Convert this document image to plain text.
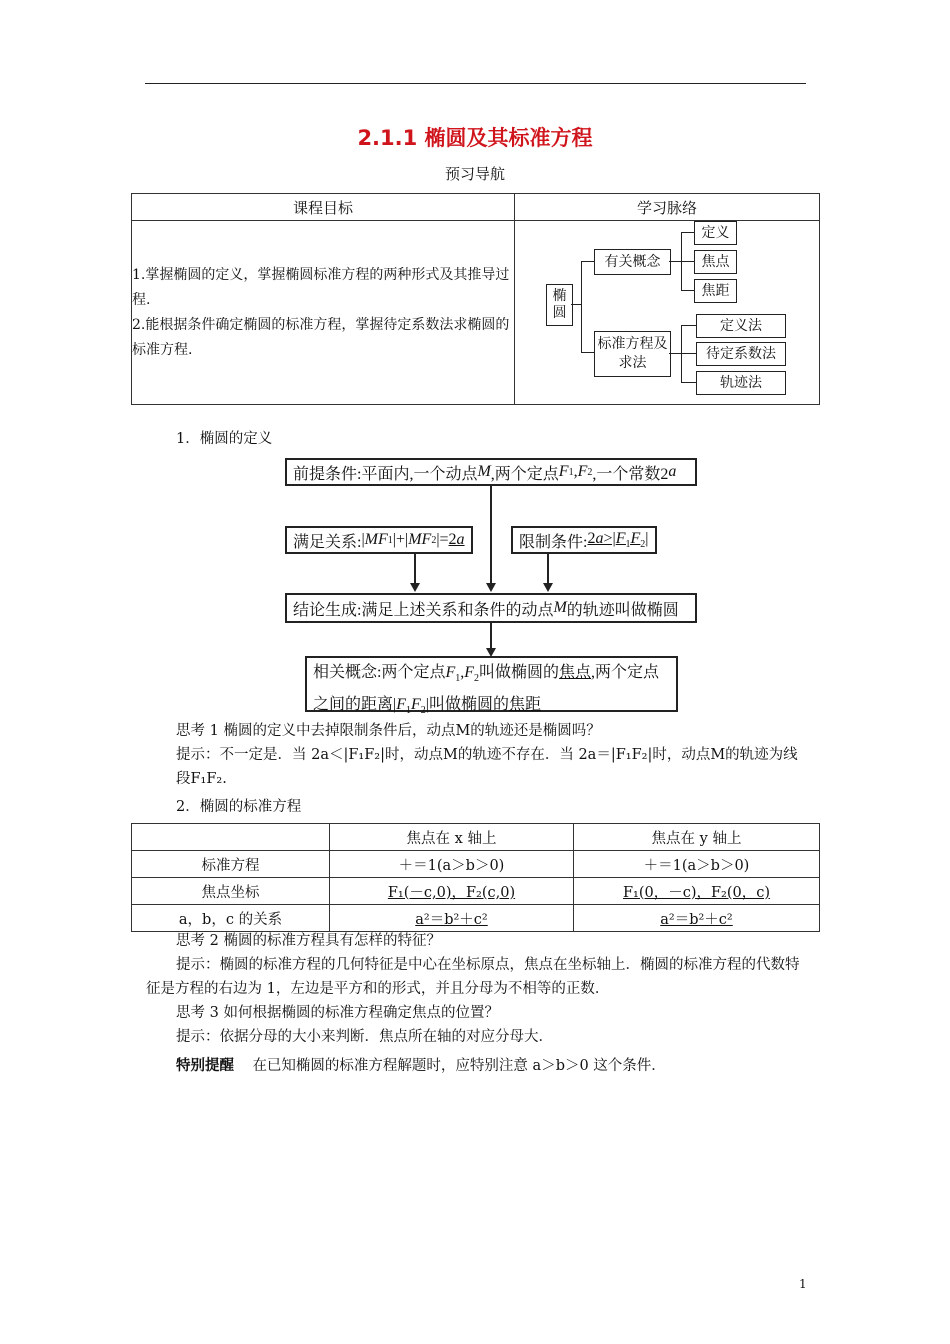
2.1.1 椭圆及其标准方程
预习导航
课程目标	学习脉络

1.掌握椭圆的定义，掌握椭圆标准方程的两种形式及其推导过程.
2.能根据条件确定椭圆的标准方程，掌握待定系数法求椭圆的标准方程.	

椭圆
有关概念
标准方程及求法
定义
焦点
焦距
定义法
待定系数法
轨迹法
1．椭圆的定义
前提条件:平面内,一个动点 M ,两个定点 F 1 , F 2 ,一个常数2 a
满足关系: | MF 1 |+| MF 2 |= 2a	限制条件: $2a>|F_1F_2|$
结论生成:满足上述关系和条件的动点 M 的轨迹叫做椭圆
相关概念:两个定点$F_1,F_2$叫做椭圆的焦点,两个定点之间的距离$|F_1F_2|$叫做椭圆的焦距
思考 1 椭圆的定义中去掉限制条件后，动点M的轨迹还是椭圆吗？
提示：不一定是．当 2a＜|F₁F₂|时，动点M的轨迹不存在．当 2a＝|F₁F₂|时，动点M的轨迹为线段F₁F₂.
2．椭圆的标准方程
	焦点在 x 轴上	焦点在 y 轴上
标准方程	＋＝1(a＞b＞0)	＋＝1(a＞b＞0)
焦点坐标	F₁(－c,0)，F₂(c,0)	F₁(0，－c)，F₂(0，c)
a，b，c 的关系	a²＝b²＋c²	a²＝b²＋c²
思考 2 椭圆的标准方程具有怎样的特征？
提示：椭圆的标准方程的几何特征是中心在坐标原点，焦点在坐标轴上．椭圆的标准方程的代数特征是方程的右边为 1，左边是平方和的形式，并且分母为不相等的正数．
思考 3 如何根据椭圆的标准方程确定焦点的位置？
提示：依据分母的大小来判断．焦点所在轴的对应分母大．
特别提醒 在已知椭圆的标准方程解题时，应特别注意 a＞b＞0 这个条件．
1
